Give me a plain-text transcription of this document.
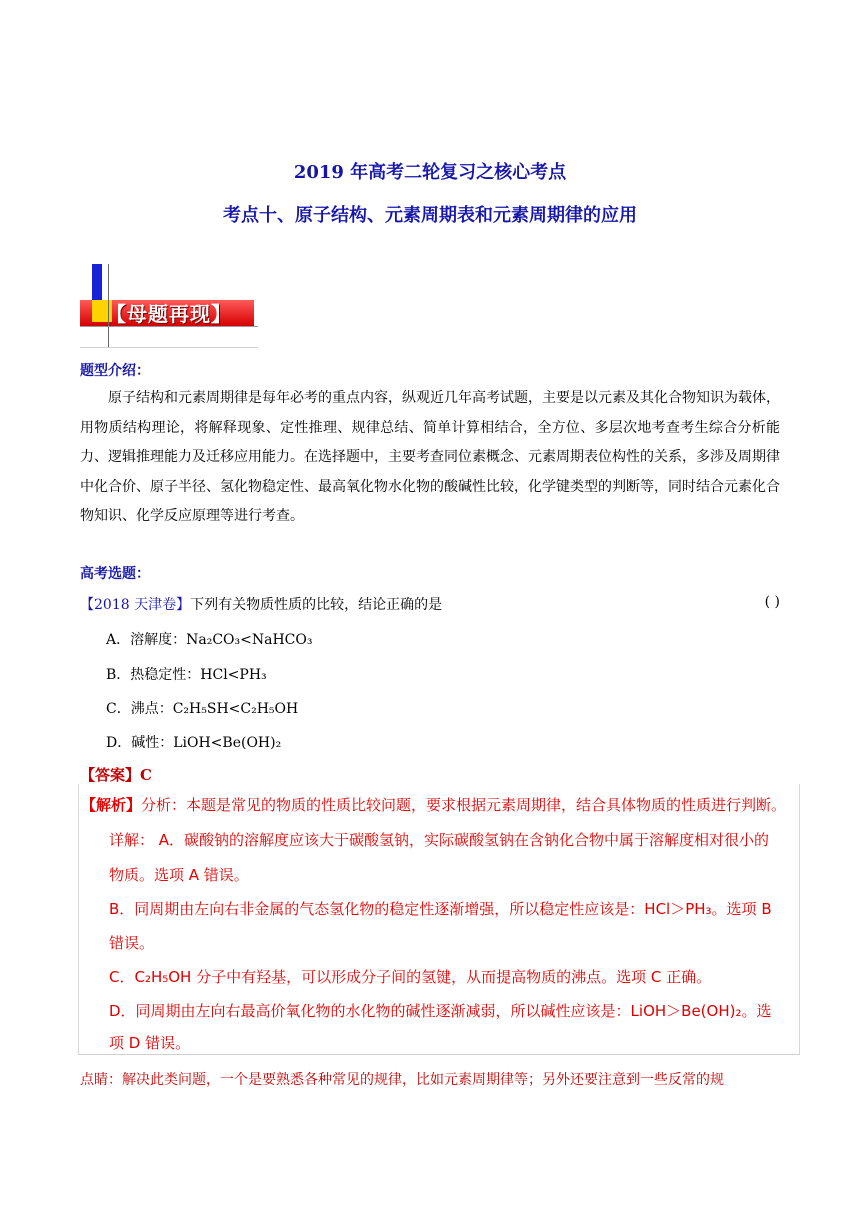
2019 年高考二轮复习之核心考点
考点十、原子结构、元素周期表和元素周期律的应用
【母题再现】
题型介绍：

原子结构和元素周期律是每年必考的重点内容，纵观近几年高考试题，主要是以元素及其化合物知识为载体，用物质结构理论，将解释现象、定性推理、规律总结、简单计算相结合，全方位、多层次地考查考生综合分析能力、逻辑推理能力及迁移应用能力。在选择题中，主要考查同位素概念、元素周期表位构性的关系，多涉及周期律中化合价、原子半径、氢化物稳定性、最高氧化物水化物的酸碱性比较，化学键类型的判断等，同时结合元素化合物知识、化学反应原理等进行考查。

高考选题：
【2018 天津卷】下列有关物质性质的比较，结论正确的是	( )
A．溶解度：Na₂CO₃<NaHCO₃
B．热稳定性：HCl<PH₃
C．沸点：C₂H₅SH<C₂H₅OH
D．碱性：LiOH<Be(OH)₂
【答案】C
【解析】分析：本题是常见的物质的性质比较问题，要求根据元素周期律，结合具体物质的性质进行判断。
详解： A．碳酸钠的溶解度应该大于碳酸氢钠，实际碳酸氢钠在含钠化合物中属于溶解度相对很小的
物质。选项 A 错误。
B．同周期由左向右非金属的气态氢化物的稳定性逐渐增强，所以稳定性应该是：HCl＞PH₃。选项 B
错误。
C．C₂H₅OH 分子中有羟基，可以形成分子间的氢键，从而提高物质的沸点。选项 C 正确。
D．同周期由左向右最高价氧化物的水化物的碱性逐渐减弱，所以碱性应该是：LiOH＞Be(OH)₂。选
项 D 错误。
点睛：解决此类问题，一个是要熟悉各种常见的规律，比如元素周期律等；另外还要注意到一些反常的规
